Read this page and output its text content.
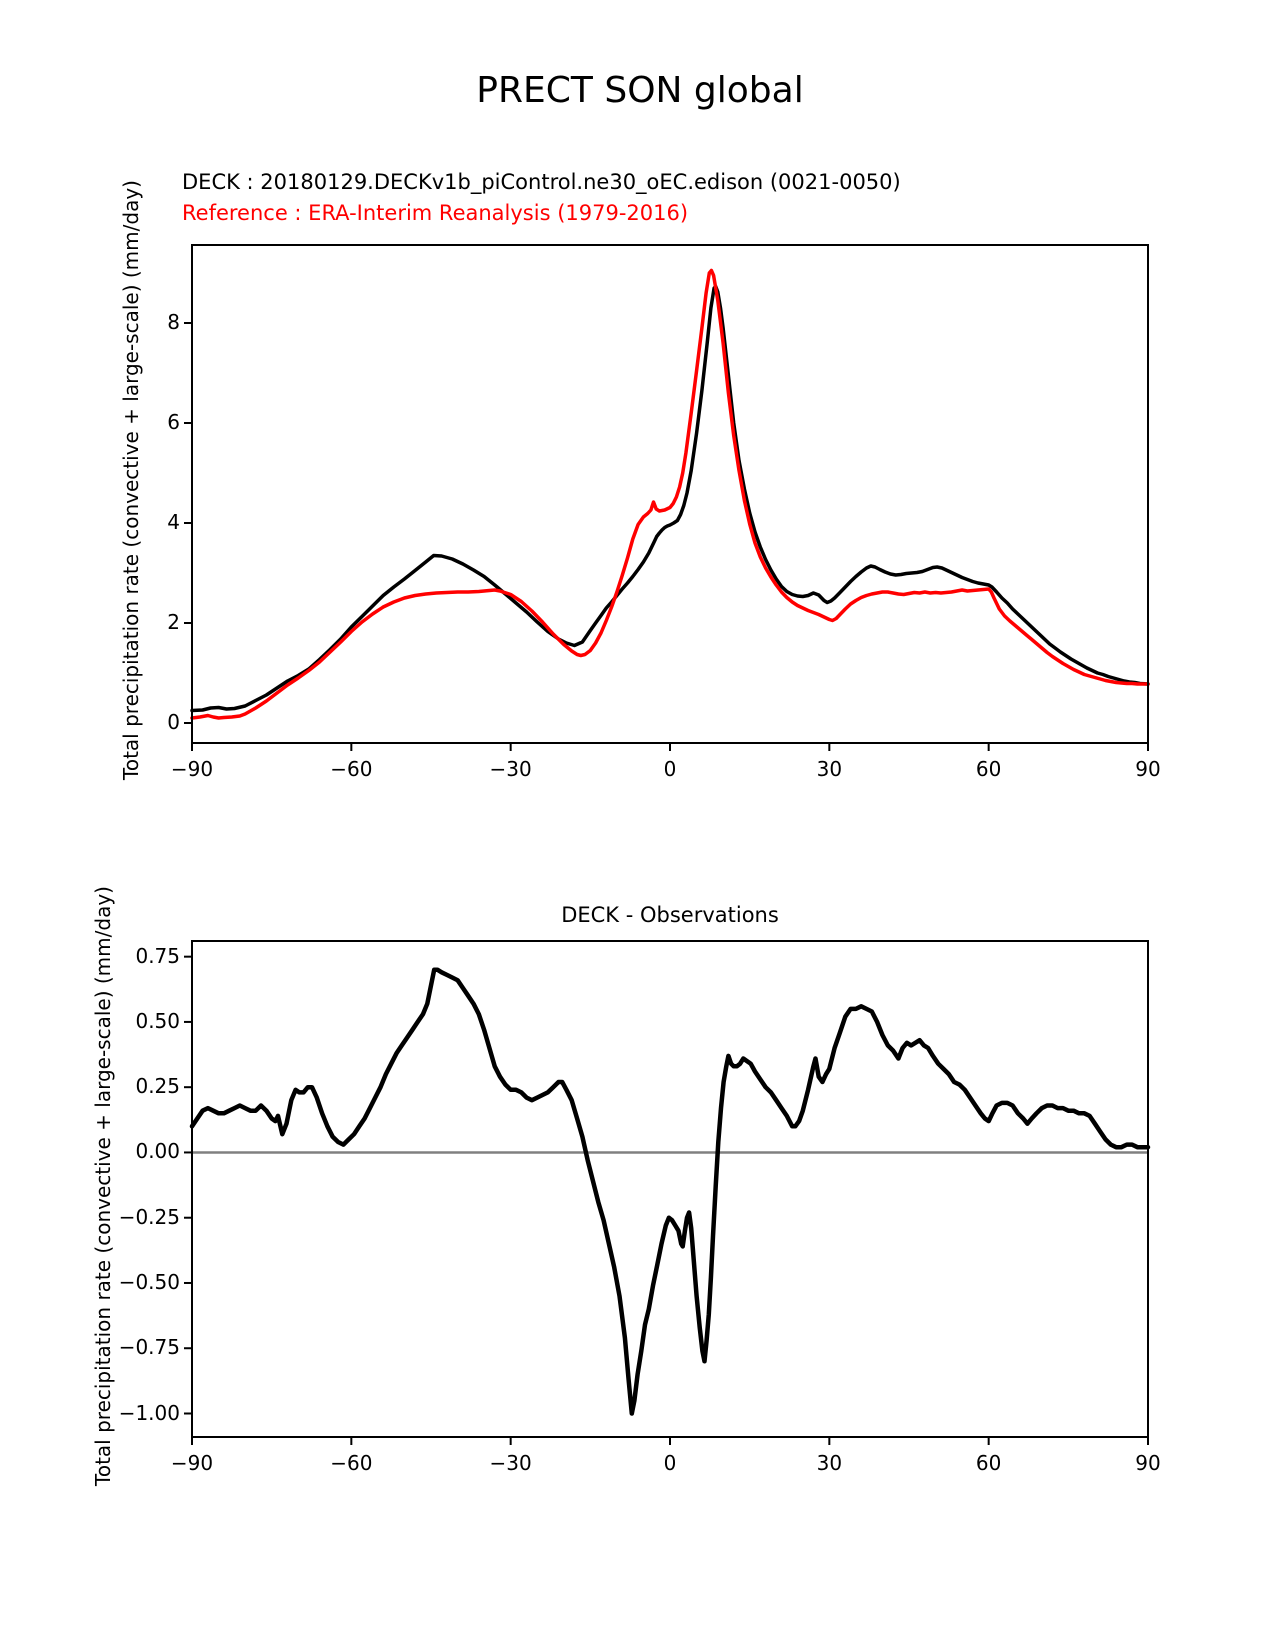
PRECT SON global
DECK : 20180129.DECKv1b_piControl.ne30_oEC.edison (0021-0050)
Reference : ERA-Interim Reanalysis (1979-2016)
Total precipitation rate (convective + large-scale) (mm/day)
DECK - Observations
Total precipitation rate (convective + large-scale) (mm/day)
−90	−60	−30	0	30	60	90
0
2
4
6
8
−90	−60	−30	0	30	60	90
0.75
0.50
0.25
0.00
−0.25
−0.50
−0.75
−1.00
